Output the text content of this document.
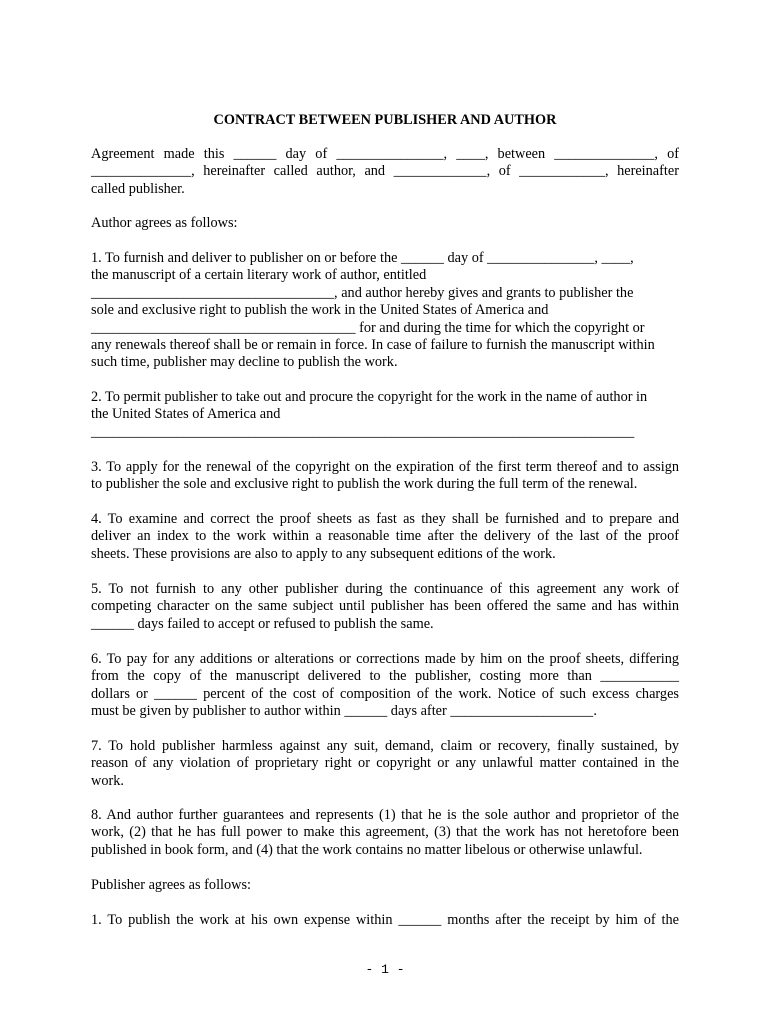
CONTRACT BETWEEN PUBLISHER AND AUTHOR
Agreement made this ______ day of _______________, ____, between ______________, of
______________, hereinafter called author, and _____________, of ____________, hereinafter
called publisher.
Author agrees as follows:
1. To furnish and deliver to publisher on or before the ______ day of _______________, ____,
the manuscript of a certain literary work of author, entitled
__________________________________, and author hereby gives and grants to publisher the
sole and exclusive right to publish the work in the United States of America and
_____________________________________ for and during the time for which the copyright or
any renewals thereof shall be or remain in force. In case of failure to furnish the manuscript within
such time, publisher may decline to publish the work.
2. To permit publisher to take out and procure the copyright for the work in the name of author in
the United States of America and
____________________________________________________________________________
3. To apply for the renewal of the copyright on the expiration of the first term thereof and to assign
to publisher the sole and exclusive right to publish the work during the full term of the renewal.
4. To examine and correct the proof sheets as fast as they shall be furnished and to prepare and
deliver an index to the work within a reasonable time after the delivery of the last of the proof
sheets. These provisions are also to apply to any subsequent editions of the work.
5. To not furnish to any other publisher during the continuance of this agreement any work of
competing character on the same subject until publisher has been offered the same and has within
______ days failed to accept or refused to publish the same.
6. To pay for any additions or alterations or corrections made by him on the proof sheets, differing
from the copy of the manuscript delivered to the publisher, costing more than ___________
dollars or ______ percent of the cost of composition of the work. Notice of such excess charges
must be given by publisher to author within ______ days after ____________________.
7. To hold publisher harmless against any suit, demand, claim or recovery, finally sustained, by
reason of any violation of proprietary right or copyright or any unlawful matter contained in the
work.
8. And author further guarantees and represents (1) that he is the sole author and proprietor of the
work, (2) that he has full power to make this agreement, (3) that the work has not heretofore been
published in book form, and (4) that the work contains no matter libelous or otherwise unlawful.
Publisher agrees as follows:
1. To publish the work at his own expense within ______ months after the receipt by him of the
- 1 -
